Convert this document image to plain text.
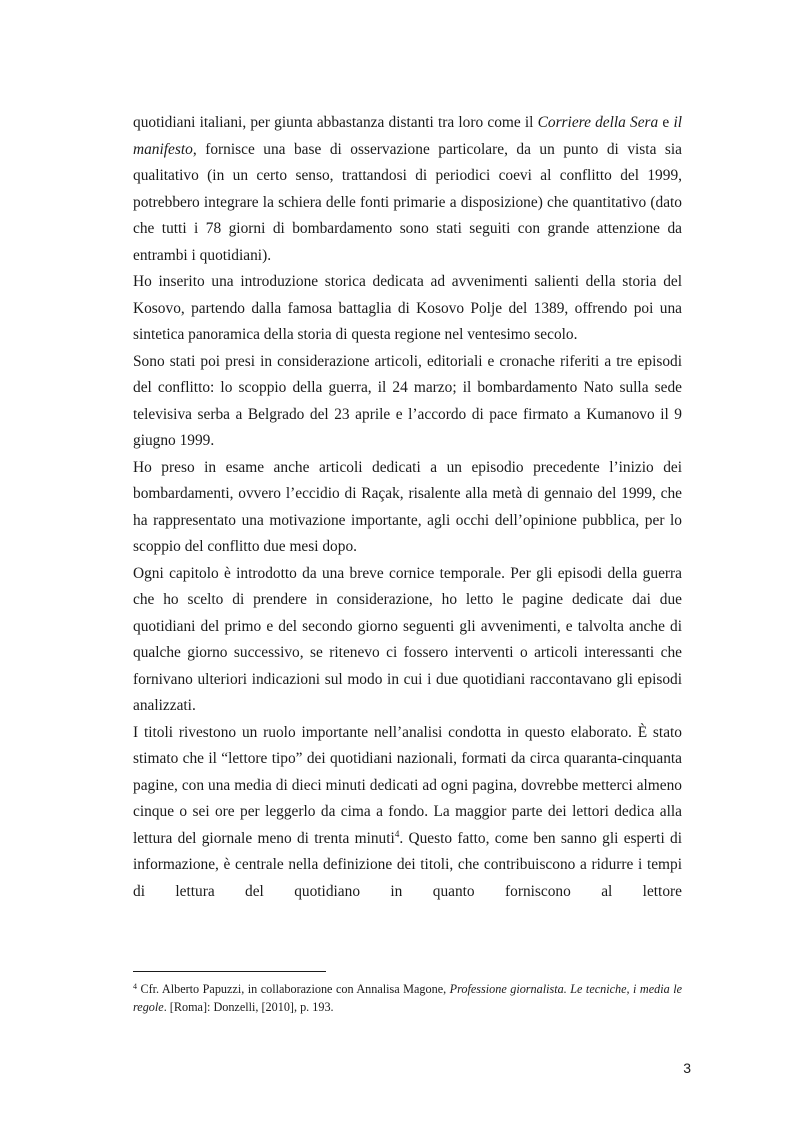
quotidiani italiani, per giunta abbastanza distanti tra loro come il Corriere della Sera e il manifesto, fornisce una base di osservazione particolare, da un punto di vista sia qualitativo (in un certo senso, trattandosi di periodici coevi al conflitto del 1999, potrebbero integrare la schiera delle fonti primarie a disposizione) che quantitativo (dato che tutti i 78 giorni di bombardamento sono stati seguiti con grande attenzione da entrambi i quotidiani).

Ho inserito una introduzione storica dedicata ad avvenimenti salienti della storia del Kosovo, partendo dalla famosa battaglia di Kosovo Polje del 1389, offrendo poi una sintetica panoramica della storia di questa regione nel ventesimo secolo.

Sono stati poi presi in considerazione articoli, editoriali e cronache riferiti a tre episodi del conflitto: lo scoppio della guerra, il 24 marzo; il bombardamento Nato sulla sede televisiva serba a Belgrado del 23 aprile e l’accordo di pace firmato a Kumanovo il 9 giugno 1999.

Ho preso in esame anche articoli dedicati a un episodio precedente l’inizio dei bombardamenti, ovvero l’eccidio di Raçak, risalente alla metà di gennaio del 1999, che ha rappresentato una motivazione importante, agli occhi dell’opinione pubblica, per lo scoppio del conflitto due mesi dopo.

Ogni capitolo è introdotto da una breve cornice temporale. Per gli episodi della guerra che ho scelto di prendere in considerazione, ho letto le pagine dedicate dai due quotidiani del primo e del secondo giorno seguenti gli avvenimenti, e talvolta anche di qualche giorno successivo, se ritenevo ci fossero interventi o articoli interessanti che fornivano ulteriori indicazioni sul modo in cui i due quotidiani raccontavano gli episodi analizzati.

I titoli rivestono un ruolo importante nell’analisi condotta in questo elaborato. È stato stimato che il “lettore tipo” dei quotidiani nazionali, formati da circa quaranta-cinquanta pagine, con una media di dieci minuti dedicati ad ogni pagina, dovrebbe metterci almeno cinque o sei ore per leggerlo da cima a fondo. La maggior parte dei lettori dedica alla lettura del giornale meno di trenta minuti$^4$. Questo fatto, come ben sanno gli esperti di informazione, è centrale nella definizione dei titoli, che contribuiscono a ridurre i tempi di lettura del quotidiano in quanto forniscono al lettore

$^4$ Cfr. Alberto Papuzzi, in collaborazione con Annalisa Magone, Professione giornalista. Le tecniche, i media le regole. [Roma]: Donzelli, [2010], p. 193.
3
